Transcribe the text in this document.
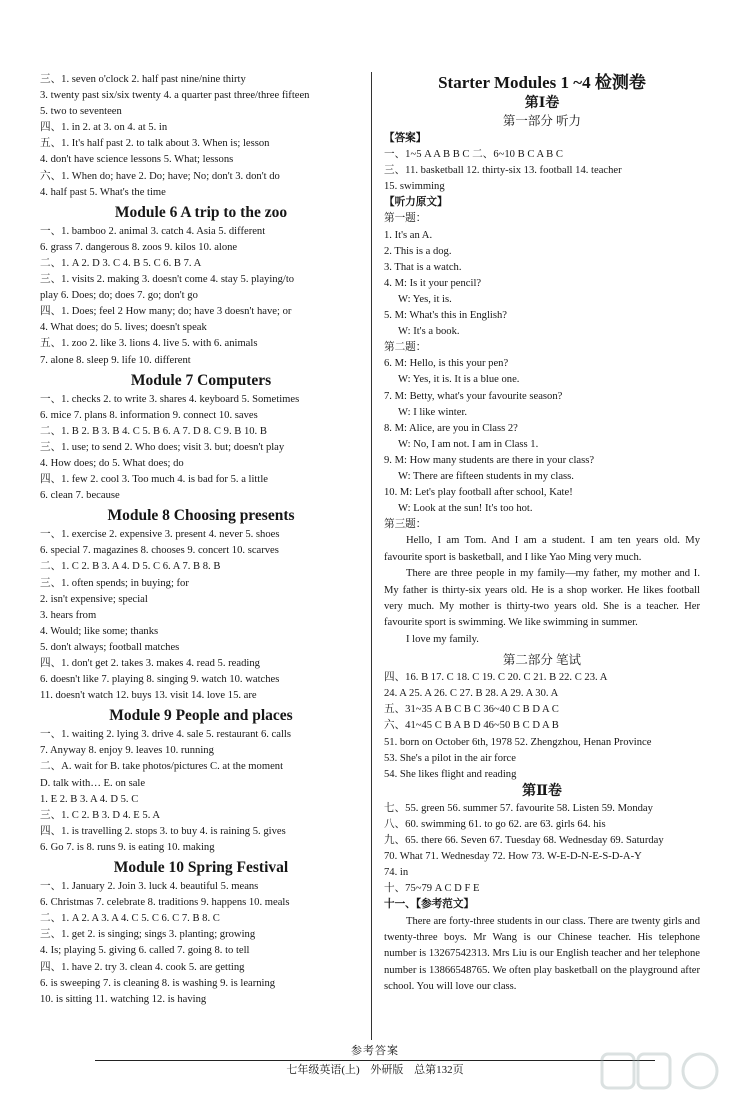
三、1. seven o'clock 2. half past nine/nine thirty
3. twenty past six/six twenty 4. a quarter past three/three fifteen
5. two to seventeen
四、1. in 2. at 3. on 4. at 5. in
五、1. It's half past 2. to talk about 3. When is; lesson
4. don't have science lessons 5. What; lessons
六、1. When do; have 2. Do; have; No; don't 3. don't do
4. half past 5. What's the time
Module 6 A trip to the zoo
一、1. bamboo 2. animal 3. catch 4. Asia 5. different
6. grass 7. dangerous 8. zoos 9. kilos 10. alone
二、1. A 2. D 3. C 4. B 5. C 6. B 7. A
三、1. visits 2. making 3. doesn't come 4. stay 5. playing/to
play 6. Does; do; does 7. go; don't go
四、1. Does; feel 2 How many; do; have 3 doesn't have; or
4. What does; do 5. lives; doesn't speak
五、1. zoo 2. like 3. lions 4. live 5. with 6. animals
7. alone 8. sleep 9. life 10. different
Module 7 Computers
一、1. checks 2. to write 3. shares 4. keyboard 5. Sometimes
6. mice 7. plans 8. information 9. connect 10. saves
二、1. B 2. B 3. B 4. C 5. B 6. A 7. D 8. C 9. B 10. B
三、1. use; to send 2. Who does; visit 3. but; doesn't play
4. How does; do 5. What does; do
四、1. few 2. cool 3. Too much 4. is bad for 5. a little
6. clean 7. because
Module 8 Choosing presents
一、1. exercise 2. expensive 3. present 4. never 5. shoes
6. special 7. magazines 8. chooses 9. concert 10. scarves
二、1. C 2. B 3. A 4. D 5. C 6. A 7. B 8. B
三、1. often spends; in buying; for
2. isn't expensive; special
3. hears from
4. Would; like some; thanks
5. don't always; football matches
四、1. don't get 2. takes 3. makes 4. read 5. reading
6. doesn't like 7. playing 8. singing 9. watch 10. watches
11. doesn't watch 12. buys 13. visit 14. love 15. are
Module 9 People and places
一、1. waiting 2. lying 3. drive 4. sale 5. restaurant 6. calls
7. Anyway 8. enjoy 9. leaves 10. running
二、A. wait for B. take photos/pictures C. at the moment
D. talk with… E. on sale
1. E 2. B 3. A 4. D 5. C
三、1. C 2. B 3. D 4. E 5. A
四、1. is travelling 2. stops 3. to buy 4. is raining 5. gives
6. Go 7. is 8. runs 9. is eating 10. making
Module 10 Spring Festival
一、1. January 2. Join 3. luck 4. beautiful 5. means
6. Christmas 7. celebrate 8. traditions 9. happens 10. meals
二、1. A 2. A 3. A 4. C 5. C 6. C 7. B 8. C
三、1. get 2. is singing; sings 3. planting; growing
4. Is; playing 5. giving 6. called 7. going 8. to tell
四、1. have 2. try 3. clean 4. cook 5. are getting
6. is sweeping 7. is cleaning 8. is washing 9. is learning
10. is sitting 11. watching 12. is having
Starter Modules 1 ~4 检测卷
第Ⅰ卷
第一部分 听力
【答案】
一、1~5 A A B B C 二、6~10 B C A B C
三、11. basketball 12. thirty-six 13. football 14. teacher
15. swimming
【听力原文】
第一题：
1. It's an A.
2. This is a dog.
3. That is a watch.
4. M: Is it your pencil?
W: Yes, it is.
5. M: What's this in English?
W: It's a book.
第二题：
6. M: Hello, is this your pen?
W: Yes, it is. It is a blue one.
7. M: Betty, what's your favourite season?
W: I like winter.
8. M: Alice, are you in Class 2?
W: No, I am not. I am in Class 1.
9. M: How many students are there in your class?
W: There are fifteen students in my class.
10. M: Let's play football after school, Kate!
W: Look at the sun! It's too hot.
第三题：

Hello, I am Tom. And I am a student. I am ten years old. My favourite sport is basketball, and I like Yao Ming very much.

There are three people in my family—my father, my mother and I. My father is thirty-six years old. He is a shop worker. He likes football very much. My mother is thirty-two years old. She is a teacher. Her favourite sport is swimming. We like swimming in summer.

I love my family.

第二部分 笔试
四、16. B 17. C 18. C 19. C 20. C 21. B 22. C 23. A
24. A 25. A 26. C 27. B 28. A 29. A 30. A
五、31~35 A B C B C 36~40 C B D A C
六、41~45 C B A B D 46~50 B C D A B
51. born on October 6th, 1978 52. Zhengzhou, Henan Province
53. She's a pilot in the air force
54. She likes flight and reading
第Ⅱ卷
七、55. green 56. summer 57. favourite 58. Listen 59. Monday
八、60. swimming 61. to go 62. are 63. girls 64. his
九、65. there 66. Seven 67. Tuesday 68. Wednesday 69. Saturday
70. What 71. Wednesday 72. How 73. W-E-D-N-E-S-D-A-Y
74. in
十、75~79 A C D F E
十一、【参考范文】

There are forty-three students in our class. There are twenty girls and twenty-three boys. Mr Wang is our Chinese teacher. His telephone number is 13267542313. Mrs Liu is our English teacher and her telephone number is 13866548765. We often play basketball on the playground after school. You will love our class.

参考答案
七年级英语(上) 外研版 总第132页
